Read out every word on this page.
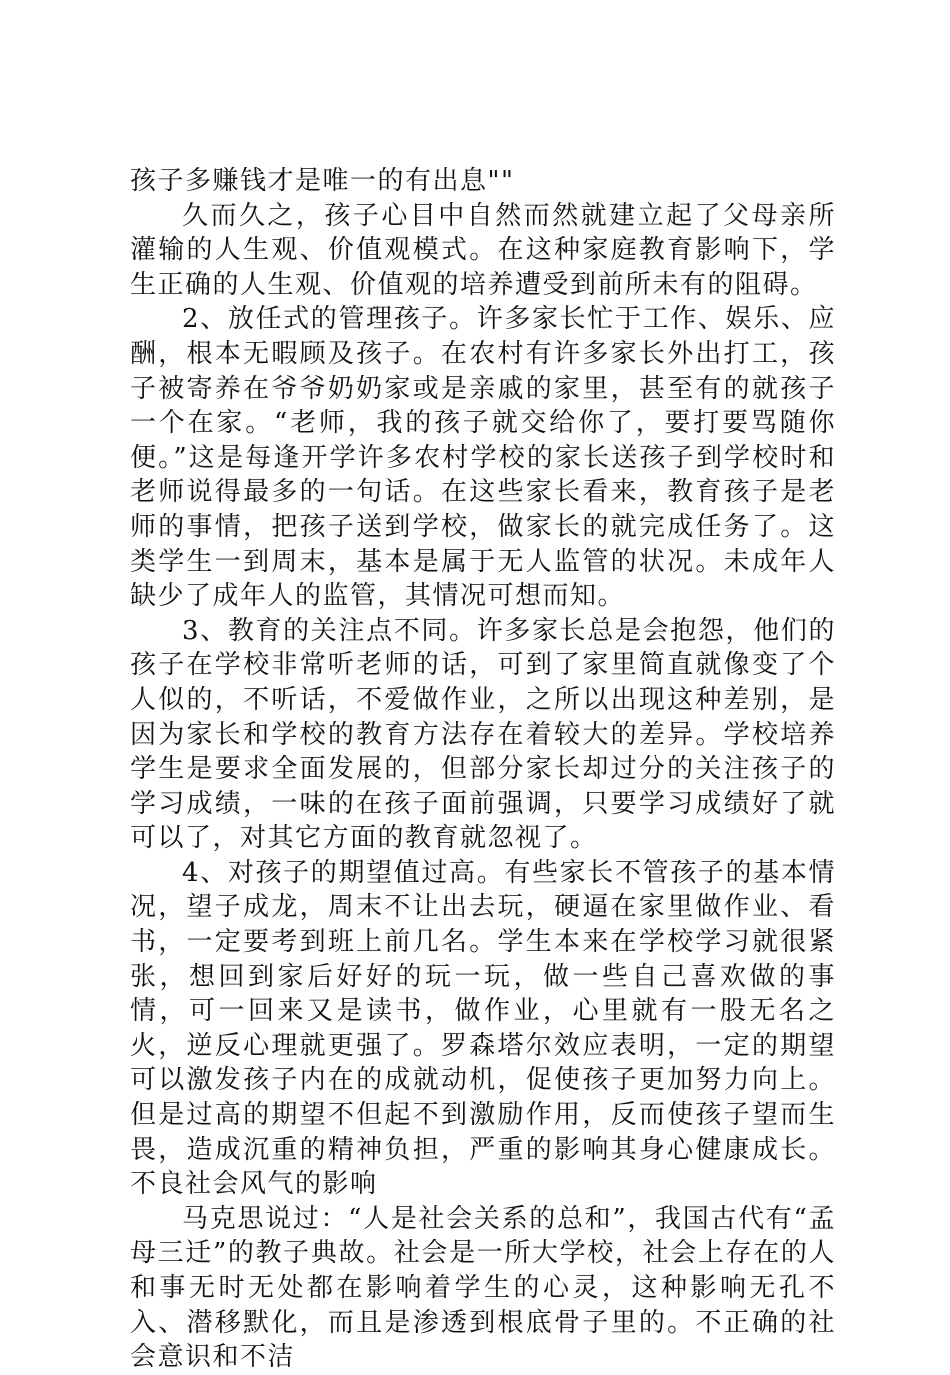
孩子多赚钱才是唯一的有出息""

久而久之，孩子心目中自然而然就建立起了父母亲所灌输的人生观、价值观模式。在这种家庭教育影响下，学生正确的人生观、价值观的培养遭受到前所未有的阻碍。

2、放任式的管理孩子。许多家长忙于工作、娱乐、应酬，根本无暇顾及孩子。在农村有许多家长外出打工，孩子被寄养在爷爷奶奶家或是亲戚的家里，甚至有的就孩子一个在家。“老师，我的孩子就交给你了，要打要骂随你便。”这是每逢开学许多农村学校的家长送孩子到学校时和老师说得最多的一句话。在这些家长看来，教育孩子是老师的事情，把孩子送到学校，做家长的就完成任务了。这类学生一到周末，基本是属于无人监管的状况。未成年人缺少了成年人的监管，其情况可想而知。

3、教育的关注点不同。许多家长总是会抱怨，他们的孩子在学校非常听老师的话，可到了家里简直就像变了个人似的，不听话，不爱做作业，之所以出现这种差别，是因为家长和学校的教育方法存在着较大的差异。学校培养学生是要求全面发展的，但部分家长却过分的关注孩子的学习成绩，一味的在孩子面前强调，只要学习成绩好了就可以了，对其它方面的教育就忽视了。

4、对孩子的期望值过高。有些家长不管孩子的基本情况，望子成龙，周末不让出去玩，硬逼在家里做作业、看书，一定要考到班上前几名。学生本来在学校学习就很紧张，想回到家后好好的玩一玩，做一些自己喜欢做的事情，可一回来又是读书，做作业，心里就有一股无名之火，逆反心理就更强了。罗森塔尔效应表明，一定的期望可以激发孩子内在的成就动机，促使孩子更加努力向上。但是过高的期望不但起不到激励作用，反而使孩子望而生畏，造成沉重的精神负担，严重的影响其身心健康成长。不良社会风气的影响

马克思说过：“人是社会关系的总和”，我国古代有“孟母三迁”的教子典故。社会是一所大学校，社会上存在的人和事无时无处都在影响着学生的心灵，这种影响无孔不入、潜移默化，而且是渗透到根底骨子里的。不正确的社会意识和不洁
